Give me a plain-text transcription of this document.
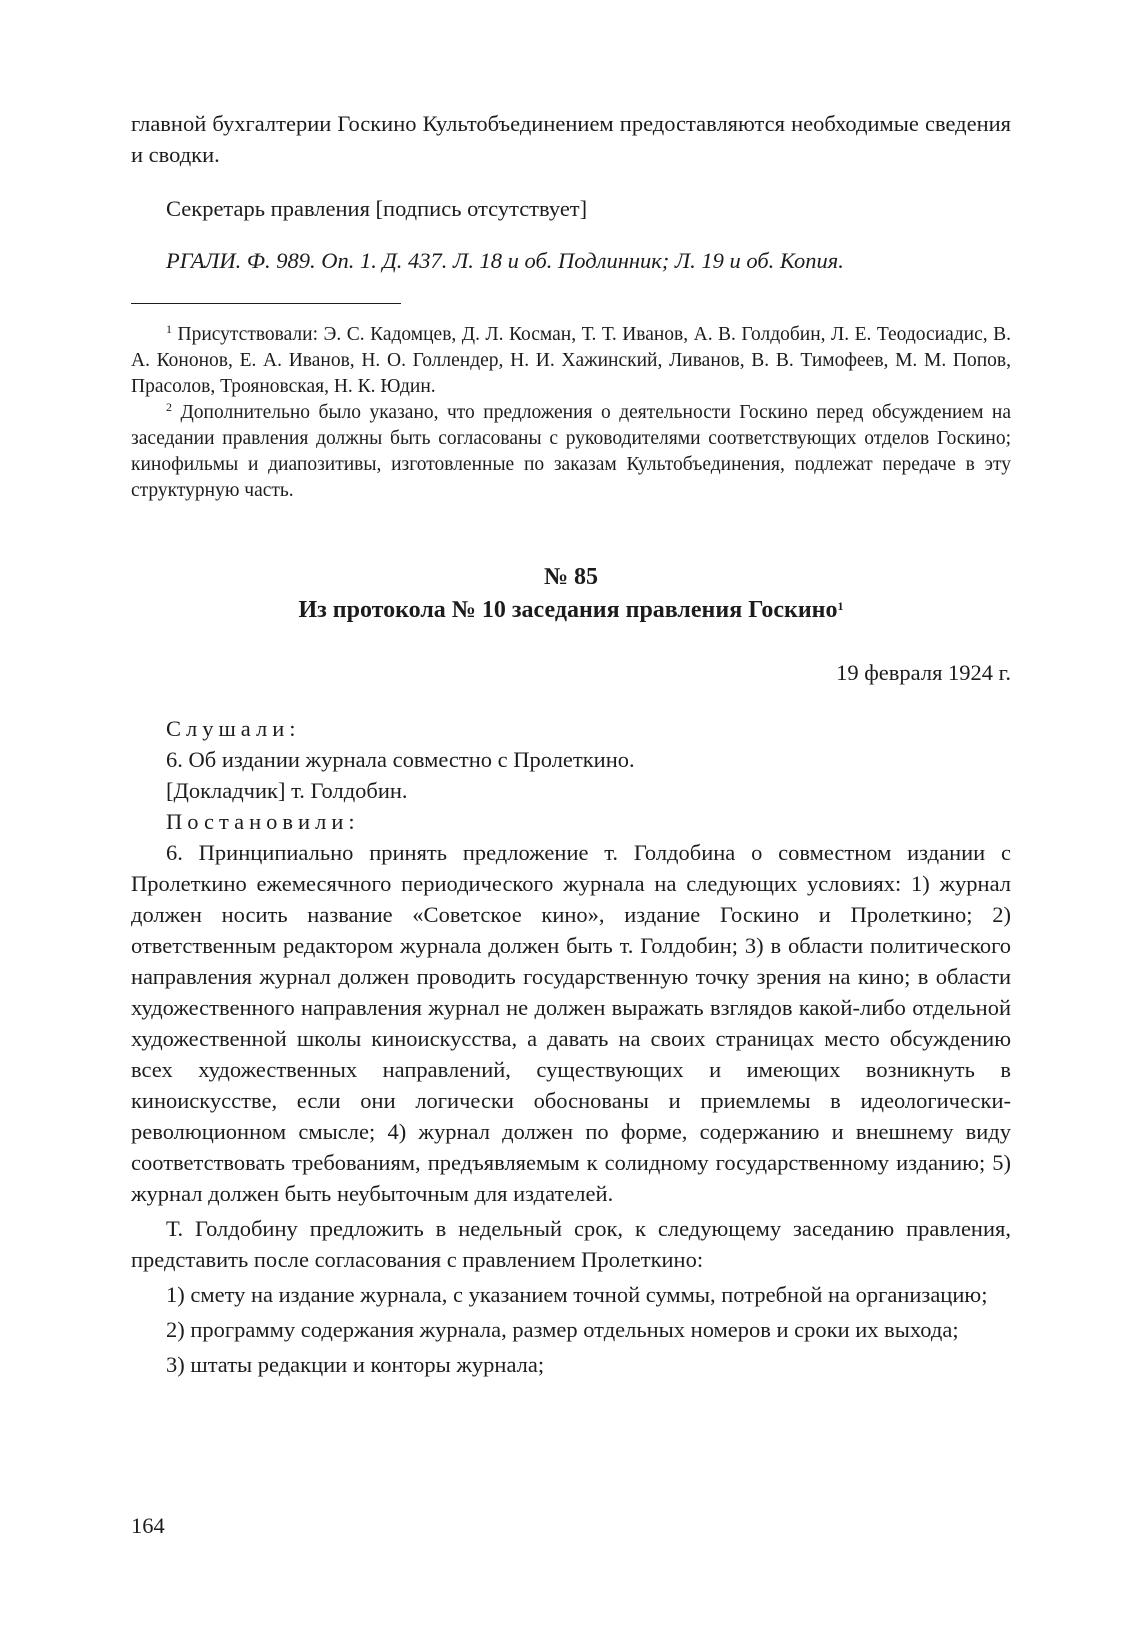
главной бухгалтерии Госкино Культобъединением предоставляются необходимые сведения и сводки.

Секретарь правления [подпись отсутствует]

РГАЛИ. Ф. 989. Оп. 1. Д. 437. Л. 18 и об. Подлинник; Л. 19 и об. Копия.

$^1$ Присутствовали: Э. С. Кадомцев, Д. Л. Косман, Т. Т. Иванов, А. В. Голдобин, Л. Е. Теодосиадис, В. А. Кононов, Е. А. Иванов, Н. О. Голлендер, Н. И. Хажинский, Ливанов, В. В. Тимофеев, М. М. Попов, Прасолов, Трояновская, Н. К. Юдин.

$^2$ Дополнительно было указано, что предложения о деятельности Госкино перед обсуждением на заседании правления должны быть согласованы с руководителями соответствующих отделов Госкино; кинофильмы и диапозитивы, изготовленные по заказам Культобъединения, подлежат передаче в эту структурную часть.

№ 85
Из протокола № 10 заседания правления Госкино$^1$
19 февраля 1924 г.

Слушали:

6. Об издании журнала совместно с Пролеткино.

[Докладчик] т. Голдобин.

Постановили:

6. Принципиально принять предложение т. Голдобина о совместном издании с Пролеткино ежемесячного периодического журнала на следующих условиях: 1) журнал должен носить название «Советское кино», издание Госкино и Пролеткино; 2) ответственным редактором журнала должен быть т. Голдобин; 3) в области политического направления журнал должен проводить государственную точку зрения на кино; в области художественного направления журнал не должен выражать взглядов какой-либо отдельной художественной школы киноискусства, а давать на своих страницах место обсуждению всех художественных направлений, существующих и имеющих возникнуть в киноискусстве, если они логически обоснованы и приемлемы в идеологически-революционном смысле; 4) журнал должен по форме, содержанию и внешнему виду соответствовать требованиям, предъявляемым к солидному государственному изданию; 5) журнал должен быть неубыточным для издателей.

Т. Голдобину предложить в недельный срок, к следующему заседанию правления, представить после согласования с правлением Пролеткино:

1) смету на издание журнала, с указанием точной суммы, потребной на организацию;

2) программу содержания журнала, размер отдельных номеров и сроки их выхода;

3) штаты редакции и конторы журнала;

164
